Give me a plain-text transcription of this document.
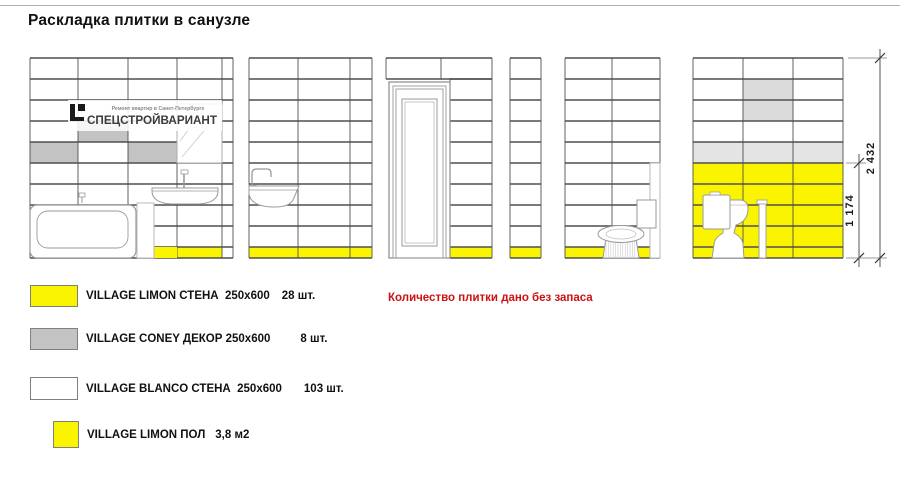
Ремонт квартир в Санкт-Петербурге
СПЕЦСТРОЙВАРИАНТ
1 174
2 432
Раскладка плитки в санузле
VILLAGE LIMON СТЕНА  250x600 28 шт.
VILLAGE CONEY ДЕКОР 250x600	8 шт.
VILLAGE BLANCO СТЕНА  250x600 103 шт.
VILLAGE LIMON ПОЛ 3,8 м2
Количество плитки дано без запаса
